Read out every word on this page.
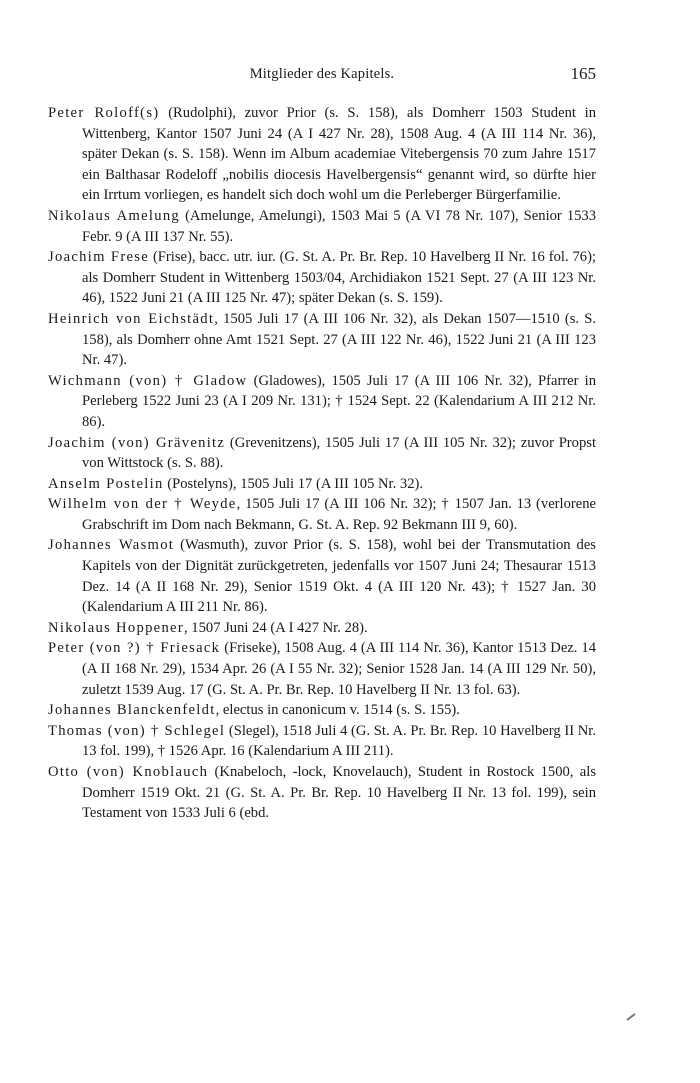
Mitglieder des Kapitels.	165

Peter Roloff(s) (Rudolphi), zuvor Prior (s. S. 158), als Domherr 1503 Student in Wittenberg, Kantor 1507 Juni 24 (A I 427 Nr. 28), 1508 Aug. 4 (A III 114 Nr. 36), später Dekan (s. S. 158). Wenn im Album academiae Vitebergensis 70 zum Jahre 1517 ein Balthasar Rodeloff „nobilis diocesis Havelbergensis“ genannt wird, so dürfte hier ein Irrtum vorliegen, es handelt sich doch wohl um die Perleberger Bürgerfamilie.

Nikolaus Amelung (Amelunge, Amelungi), 1503 Mai 5 (A VI 78 Nr. 107), Senior 1533 Febr. 9 (A III 137 Nr. 55).

Joachim Frese (Frise), bacc. utr. iur. (G. St. A. Pr. Br. Rep. 10 Havelberg II Nr. 16 fol. 76); als Domherr Student in Wittenberg 1503/04, Archidiakon 1521 Sept. 27 (A III 123 Nr. 46), 1522 Juni 21 (A III 125 Nr. 47); später Dekan (s. S. 159).

Heinrich von Eichstädt, 1505 Juli 17 (A III 106 Nr. 32), als Dekan 1507—1510 (s. S. 158), als Domherr ohne Amt 1521 Sept. 27 (A III 122 Nr. 46), 1522 Juni 21 (A III 123 Nr. 47).

Wichmann (von) † Gladow (Gladowes), 1505 Juli 17 (A III 106 Nr. 32), Pfarrer in Perleberg 1522 Juni 23 (A I 209 Nr. 131); † 1524 Sept. 22 (Kalendarium A III 212 Nr. 86).

Joachim (von) Grävenitz (Grevenitzens), 1505 Juli 17 (A III 105 Nr. 32); zuvor Propst von Wittstock (s. S. 88).

Anselm Postelin (Postelyns), 1505 Juli 17 (A III 105 Nr. 32).

Wilhelm von der † Weyde, 1505 Juli 17 (A III 106 Nr. 32); † 1507 Jan. 13 (verlorene Grabschrift im Dom nach Bekmann, G. St. A. Rep. 92 Bekmann III 9, 60).

Johannes Wasmot (Wasmuth), zuvor Prior (s. S. 158), wohl bei der Transmutation des Kapitels von der Dignität zurückgetreten, jedenfalls vor 1507 Juni 24; Thesaurar 1513 Dez. 14 (A II 168 Nr. 29), Senior 1519 Okt. 4 (A III 120 Nr. 43); † 1527 Jan. 30 (Kalendarium A III 211 Nr. 86).

Nikolaus Hoppener, 1507 Juni 24 (A I 427 Nr. 28).

Peter (von ?) † Friesack (Friseke), 1508 Aug. 4 (A III 114 Nr. 36), Kantor 1513 Dez. 14 (A II 168 Nr. 29), 1534 Apr. 26 (A I 55 Nr. 32); Senior 1528 Jan. 14 (A III 129 Nr. 50), zuletzt 1539 Aug. 17 (G. St. A. Pr. Br. Rep. 10 Havelberg II Nr. 13 fol. 63).

Johannes Blanckenfeldt, electus in canonicum v. 1514 (s. S. 155).

Thomas (von) † Schlegel (Slegel), 1518 Juli 4 (G. St. A. Pr. Br. Rep. 10 Havelberg II Nr. 13 fol. 199), † 1526 Apr. 16 (Kalendarium A III 211).

Otto (von) Knoblauch (Knabeloch, -lock, Knovelauch), Student in Rostock 1500, als Domherr 1519 Okt. 21 (G. St. A. Pr. Br. Rep. 10 Havelberg II Nr. 13 fol. 199), sein Testament von 1533 Juli 6 (ebd.
